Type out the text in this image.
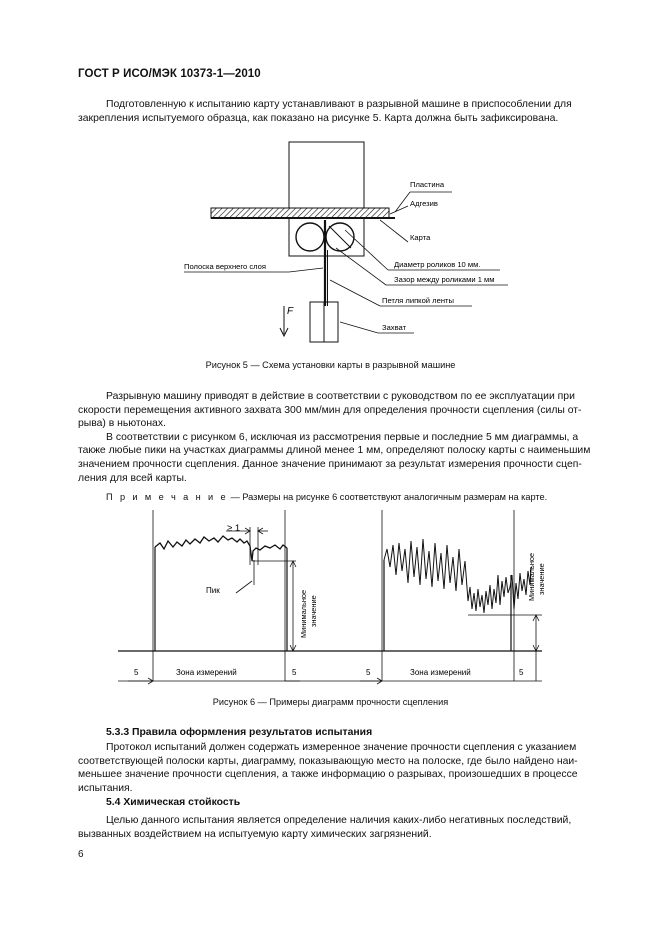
ГОСТ Р ИСО/МЭК 10373-1—2010
Подготовленную к испытанию карту устанавливают в разрывной машине в приспособлении для
закрепления испытуемого образца, как показано на рисунке 5. Карта должна быть зафиксирована.
F
Пластина
Адгезив
Карта
Полоска верхнего слоя	Диаметр роликов 10 мм.
Зазор между роликами 1 мм
Петля липкой ленты
Захват
Рисунок 5 — Схема установки карты в разрывной машине
Разрывную машину приводят в действие в соответствии с руководством по ее эксплуатации при
скорости перемещения активного захвата 300 мм/мин для определения прочности сцепления (силы от-
рыва) в ньютонах.
В соответствии с рисунком 6, исключая из рассмотрения первые и последние 5 мм диаграммы, а
также любые пики на участках диаграммы длиной менее 1 мм, определяют полоску карты с наименьшим
значением прочности сцепления. Данное значение принимают за результат измерения прочности сцеп-
ления для всей карты.
П р и м е ч а н и е — Размеры на рисунке 6 соответствуют аналогичным размерам на карте.
≥ 1
Пик	Минимальное значение
5	Зона измерений	5
Минимальное значение
5	Зона измерений	5
Рисунок 6 — Примеры диаграмм прочности сцепления
5.3.3 Правила оформления результатов испытания
Протокол испытаний должен содержать измеренное значение прочности сцепления с указанием
соответствующей полоски карты, диаграмму, показывающую место на полоске, где было найдено наи-
меньшее значение прочности сцепления, а также информацию о разрывах, произошедших в процессе
испытания.
5.4 Химическая стойкость
Целью данного испытания является определение наличия каких-либо негативных последствий,
вызванных воздействием на испытуемую карту химических загрязнений.
6
